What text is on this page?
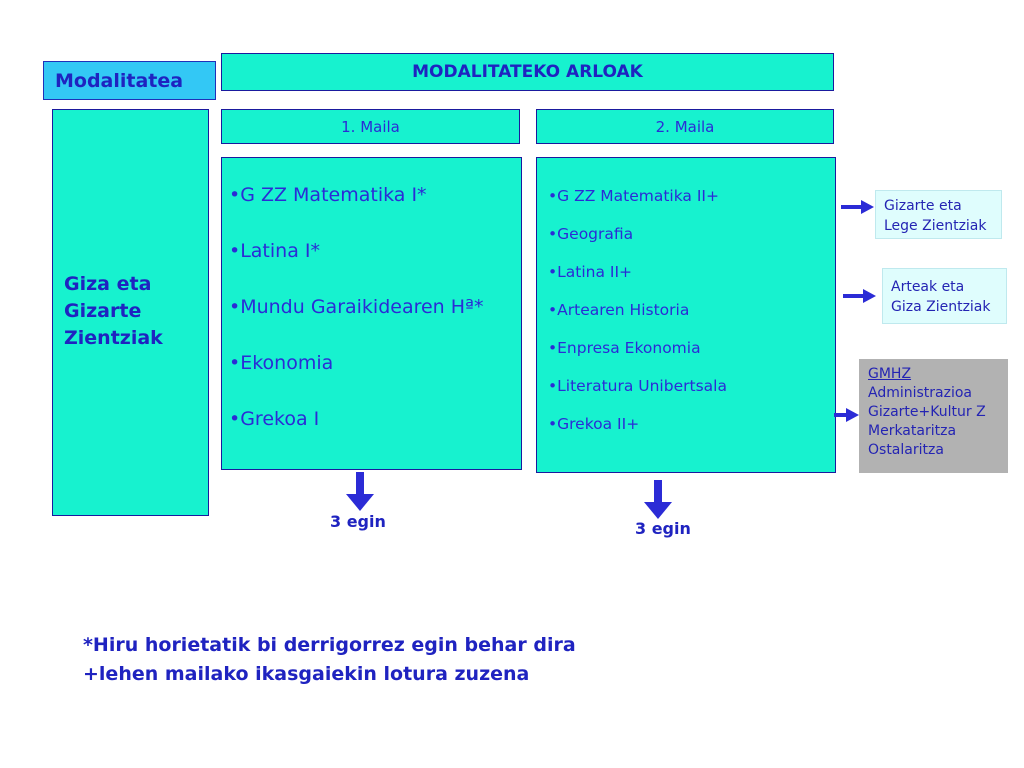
Modalitatea	MODALITATEKO ARLOAK
1. Maila	2. Maila
Giza eta
Gizarte
Zientziak
•G ZZ Matematika I*
•Latina I*
•Mundu Garaikidearen Hª*
•Ekonomia
•Grekoa I
•G ZZ Matematika II+
•Geografia
•Latina II+
•Artearen Historia
•Enpresa Ekonomia
•Literatura Unibertsala
•Grekoa II+
3 egin	3 egin
Gizarte eta
Lege Zientziak
Arteak eta
Giza Zientziak
GMHZ
Administrazioa
Gizarte+Kultur Z
Merkataritza
Ostalaritza
*Hiru horietatik bi derrigorrez egin behar dira
+lehen mailako ikasgaiekin lotura zuzena
